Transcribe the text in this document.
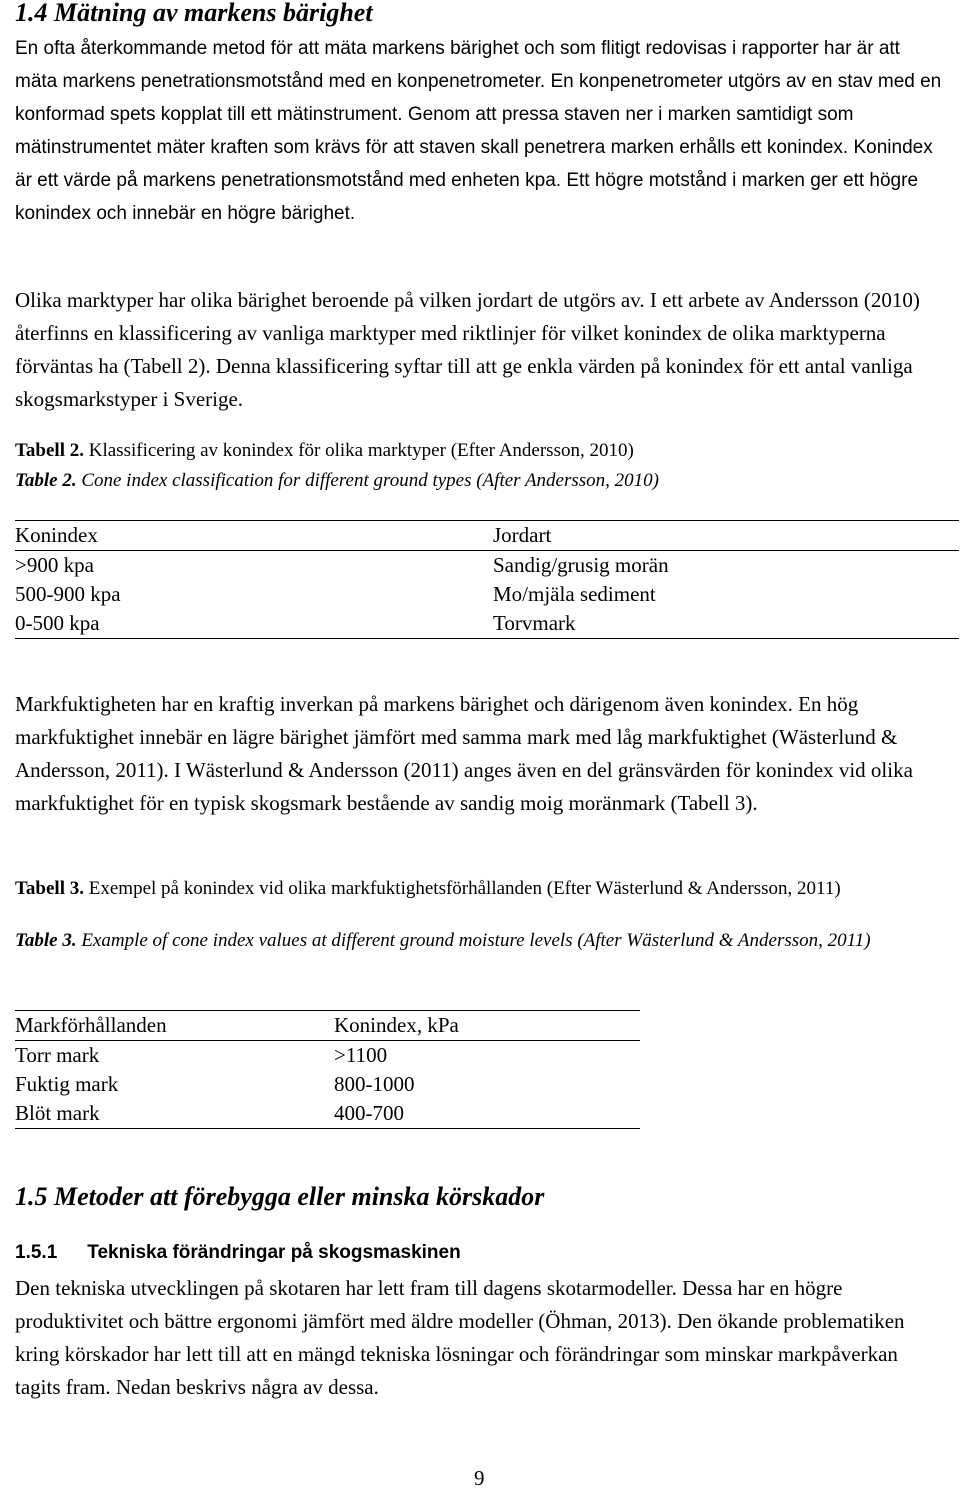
1.4 Mätning av markens bärighet

En ofta återkommande metod för att mäta markens bärighet och som flitigt redovisas i rapporter har är att mäta markens penetrationsmotstånd med en konpenetrometer. En konpenetrometer utgörs av en stav med en konformad spets kopplat till ett mätinstrument. Genom att pressa staven ner i marken samtidigt som mätinstrumentet mäter kraften som krävs för att staven skall penetrera marken erhålls ett konindex. Konindex är ett värde på markens penetrationsmotstånd med enheten kpa. Ett högre motstånd i marken ger ett högre konindex och innebär en högre bärighet.

Olika marktyper har olika bärighet beroende på vilken jordart de utgörs av. I ett arbete av Andersson (2010) återfinns en klassificering av vanliga marktyper med riktlinjer för vilket konindex de olika marktyperna förväntas ha (Tabell 2). Denna klassificering syftar till att ge enkla värden på konindex för ett antal vanliga skogsmarkstyper i Sverige.

Tabell 2. Klassificering av konindex för olika marktyper (Efter Andersson, 2010)
Table 2. Cone index classification for different ground types (After Andersson, 2010)
Konindex	Jordart
>900 kpa	Sandig/grusig morän
500-900 kpa	Mo/mjäla sediment
0-500 kpa	Torvmark

Markfuktigheten har en kraftig inverkan på markens bärighet och därigenom även konindex. En hög markfuktighet innebär en lägre bärighet jämfört med samma mark med låg markfuktighet (Wästerlund & Andersson, 2011). I Wästerlund & Andersson (2011) anges även en del gränsvärden för konindex vid olika markfuktighet för en typisk skogsmark bestående av sandig moig moränmark (Tabell 3).

Tabell 3. Exempel på konindex vid olika markfuktighetsförhållanden (Efter Wästerlund & Andersson, 2011)
Table 3. Example of cone index values at different ground moisture levels (After Wästerlund & Andersson, 2011)
Markförhållanden	Konindex, kPa
Torr mark	>1100
Fuktig mark	800-1000
Blöt mark	400-700
1.5 Metoder att förebygga eller minska körskador
1.5.1 Tekniska förändringar på skogsmaskinen

Den tekniska utvecklingen på skotaren har lett fram till dagens skotarmodeller. Dessa har en högre produktivitet och bättre ergonomi jämfört med äldre modeller (Öhman, 2013). Den ökande problematiken kring körskador har lett till att en mängd tekniska lösningar och förändringar som minskar markpåverkan tagits fram. Nedan beskrivs några av dessa.

9
